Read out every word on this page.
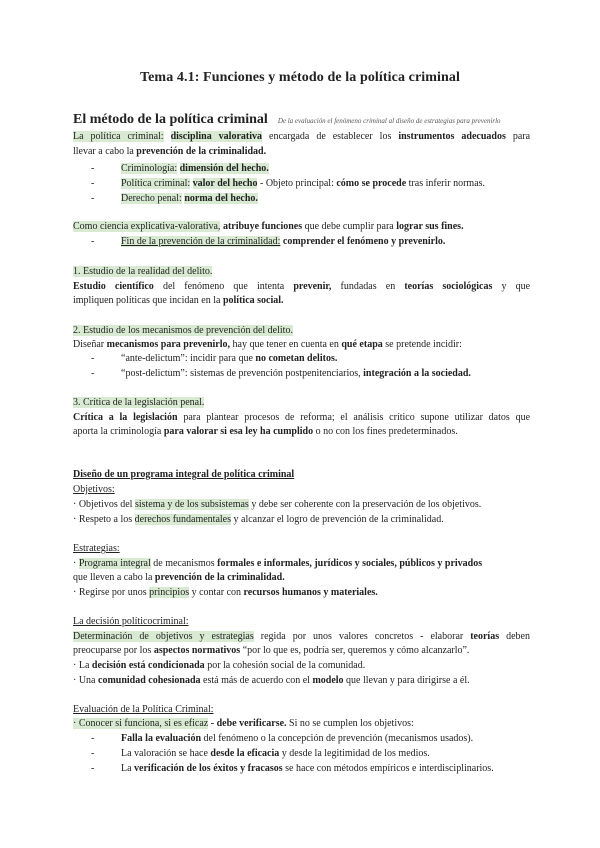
Tema 4.1: Funciones y método de la política criminal
El método de la política criminal De la evaluación el fenómeno criminal al diseño de estrategias para prevenirlo
La política criminal: disciplina valorativa encargada de establecer los instrumentos adecuados para
llevar a cabo la prevención de la criminalidad.
-	Criminología: dimensión del hecho.
-	Política criminal: valor del hecho - Objeto principal: cómo se procede tras inferir normas.
-	Derecho penal: norma del hecho.
Como ciencia explicativa-valorativa, atribuye funciones que debe cumplir para lograr sus fines.
-	Fin de la prevención de la criminalidad: comprender el fenómeno y prevenirlo.
1. Estudio de la realidad del delito.
Estudio científico del fenómeno que intenta prevenir, fundadas en teorías sociológicas y que
impliquen políticas que incidan en la política social.
2. Estudio de los mecanismos de prevención del delito.
Diseñar mecanismos para prevenirlo, hay que tener en cuenta en qué etapa se pretende incidir:
-	“ante-delictum”: incidir para que no cometan delitos.
-	“post-delictum”: sistemas de prevención postpenitenciarios, integración a la sociedad.
3. Crítica de la legislación penal.
Crítica a la legislación para plantear procesos de reforma; el análisis crítico supone utilizar datos que
aporta la criminología para valorar si esa ley ha cumplido o no con los fines predeterminados.
Diseño de un programa integral de política criminal
Objetivos:
· Objetivos del sistema y de los subsistemas y debe ser coherente con la preservación de los objetivos.
· Respeto a los derechos fundamentales y alcanzar el logro de prevención de la criminalidad.
Estrategias:
· Programa integral de mecanismos formales e informales, jurídicos y sociales, públicos y privados
que lleven a cabo la prevención de la criminalidad.
· Regirse por unos principios y contar con recursos humanos y materiales.
La decisión políticocriminal:
Determinación de objetivos y estrategias regida por unos valores concretos - elaborar teorías deben
preocuparse por los aspectos normativos “por lo que es, podría ser, queremos y cómo alcanzarlo”.
· La decisión está condicionada por la cohesión social de la comunidad.
· Una comunidad cohesionada está más de acuerdo con el modelo que llevan y para dirigirse a él.
Evaluación de la Política Criminal:
· Conocer si funciona, si es eficaz - debe verificarse. Si no se cumplen los objetivos:
-	Falla la evaluación del fenómeno o la concepción de prevención (mecanismos usados).
-	La valoración se hace desde la eficacia y desde la legitimidad de los medios.
-	La verificación de los éxitos y fracasos se hace con métodos empíricos e interdisciplinarios.
